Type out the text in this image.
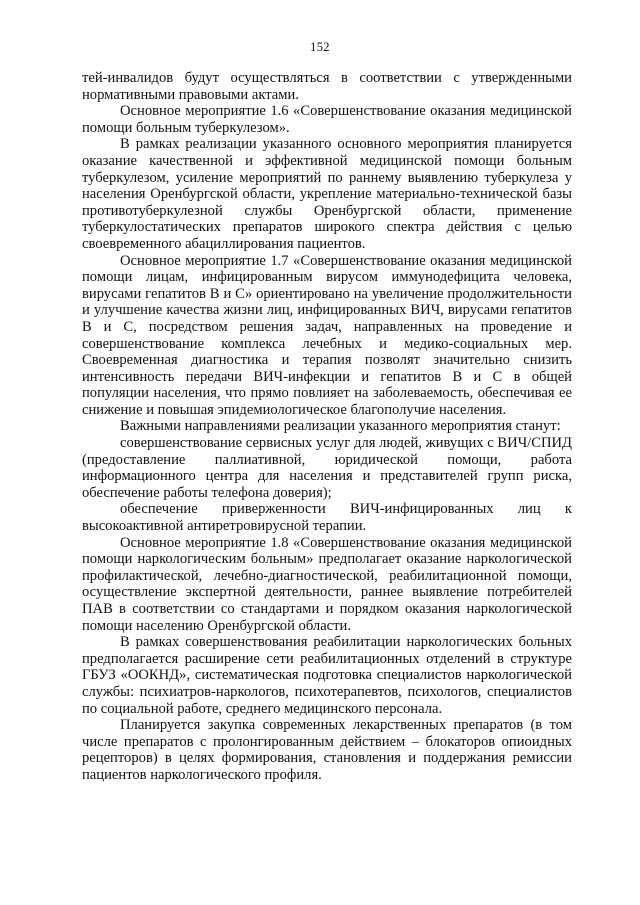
152

тей-инвалидов будут осуществляться в соответствии с утвержденными нормативными правовыми актами.

Основное мероприятие 1.6 «Совершенствование оказания медицинской помощи больным туберкулезом».

В рамках реализации указанного основного мероприятия планируется оказание качественной и эффективной медицинской помощи больным туберкулезом, усиление мероприятий по раннему выявлению туберкулеза у населения Оренбургской области, укрепление материально-технической базы противотуберкулезной службы Оренбургской области, применение туберкулостатических препаратов широкого спектра действия с целью своевременного абациллирования пациентов.

Основное мероприятие 1.7 «Совершенствование оказания медицинской помощи лицам, инфицированным вирусом иммунодефицита человека, вирусами гепатитов В и С» ориентировано на увеличение продолжительности и улучшение качества жизни лиц, инфицированных ВИЧ, вирусами гепатитов В и С, посредством решения задач, направленных на проведение и совершенствование комплекса лечебных и медико-социальных мер. Своевременная диагностика и терапия позволят значительно снизить интенсивность передачи ВИЧ-инфекции и гепатитов В и С в общей популяции населения, что прямо повлияет на заболеваемость, обеспечивая ее снижение и повышая эпидемиологическое благополучие населения.

Важными направлениями реализации указанного мероприятия станут:

совершенствование сервисных услуг для людей, живущих с ВИЧ/СПИД (предоставление паллиативной, юридической помощи, работа информационного центра для населения и представителей групп риска, обеспечение работы телефона доверия);

обеспечение приверженности ВИЧ-инфицированных лиц к высокоактивной антиретровирусной терапии.

Основное мероприятие 1.8 «Совершенствование оказания медицинской помощи наркологическим больным» предполагает оказание наркологической профилактической, лечебно-диагностической, реабилитационной помощи, осуществление экспертной деятельности, раннее выявление потребителей ПАВ в соответствии со стандартами и порядком оказания наркологической помощи населению Оренбургской области.

В рамках совершенствования реабилитации наркологических больных предполагается расширение сети реабилитационных отделений в структуре ГБУЗ «ООКНД», систематическая подготовка специалистов наркологической службы: психиатров-наркологов, психотерапевтов, психологов, специалистов по социальной работе, среднего медицинского персонала.

Планируется закупка современных лекарственных препаратов (в том числе препаратов с пролонгированным действием – блокаторов опиоидных рецепторов) в целях формирования, становления и поддержания ремиссии пациентов наркологического профиля.
